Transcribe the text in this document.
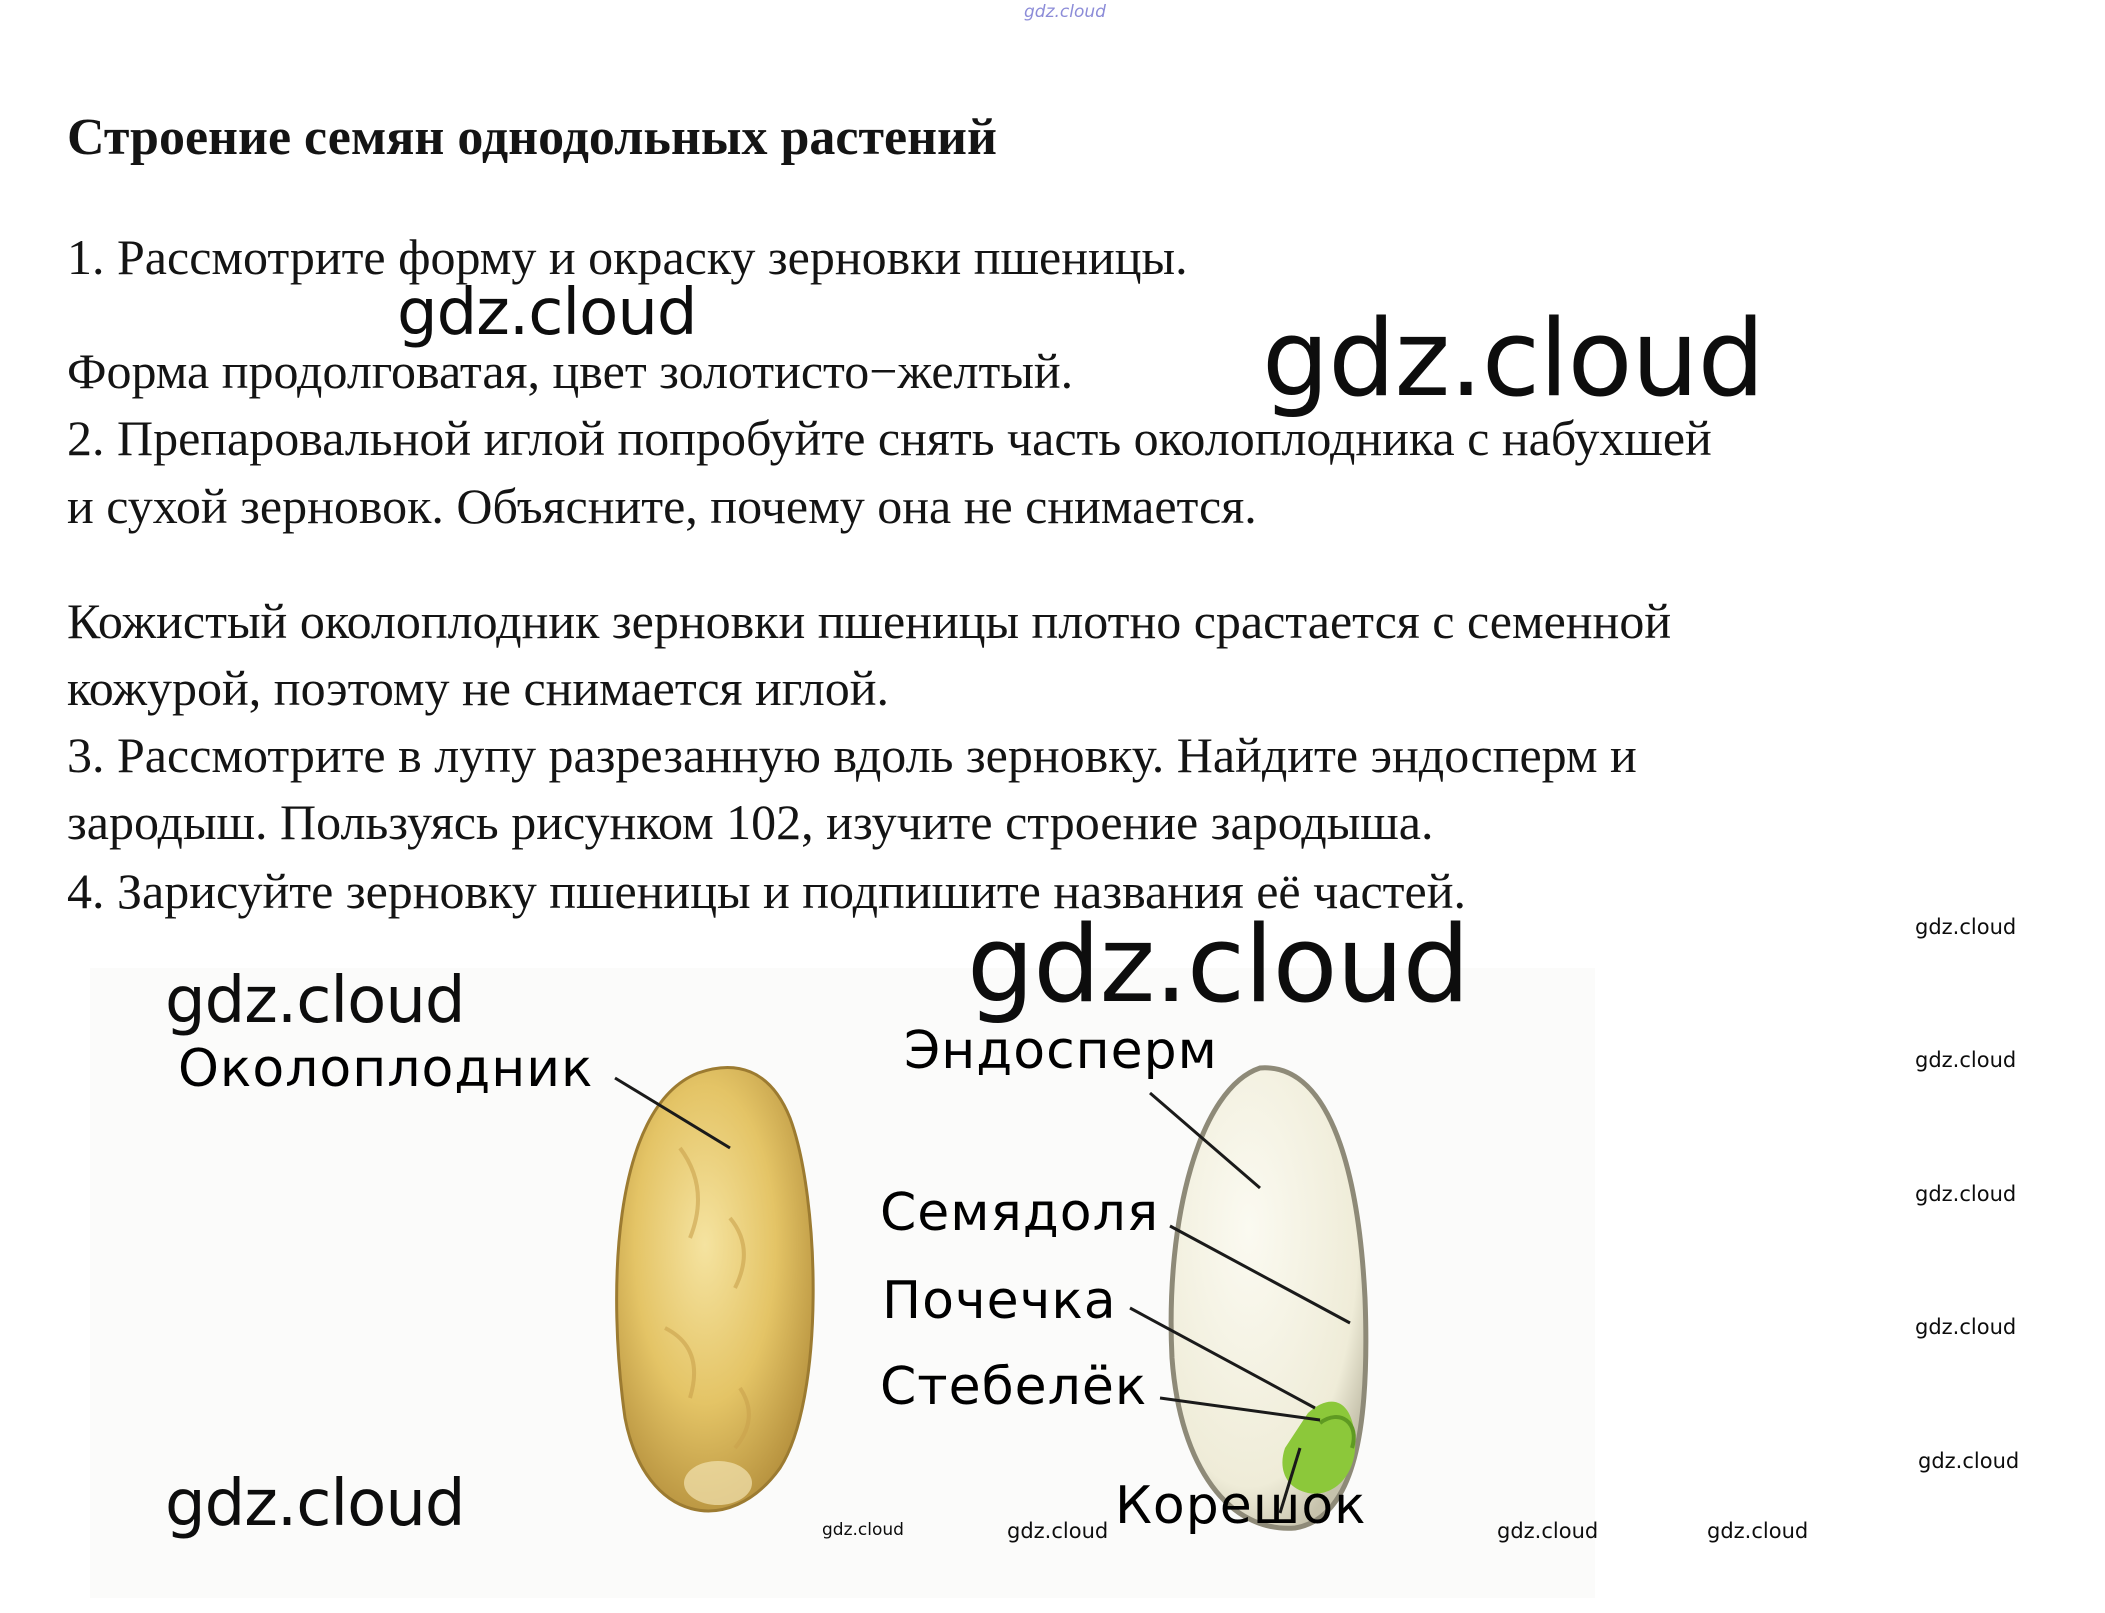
gdz.cloud
Строение семян однодольных растений
1. Рассмотрите форму и окраску зерновки пшеницы.
Форма продолговатая, цвет золотисто−желтый.
2. Препаровальной иглой попробуйте снять часть околоплодника с набухшей
и сухой зерновок. Объясните, почему она не снимается.
Кожистый околоплодник зерновки пшеницы плотно срастается с семенной
кожурой, поэтому не снимается иглой.
3. Рассмотрите в лупу разрезанную вдоль зерновку. Найдите эндосперм и
зародыш. Пользуясь рисунком 102, изучите строение зародыша.
4. Зарисуйте зерновку пшеницы и подпишите названия её частей.
Околоплодник	Эндосперм
Семядоля
Почечка
Стебелёк
Корешок
gdz.cloud	gdz.cloud
gdz.cloud
gdz.cloud
gdz.cloud
gdz.cloud
gdz.cloud
gdz.cloud
gdz.cloud
gdz.cloud
gdz.cloud	gdz.cloud	gdz.cloud	gdz.cloud
